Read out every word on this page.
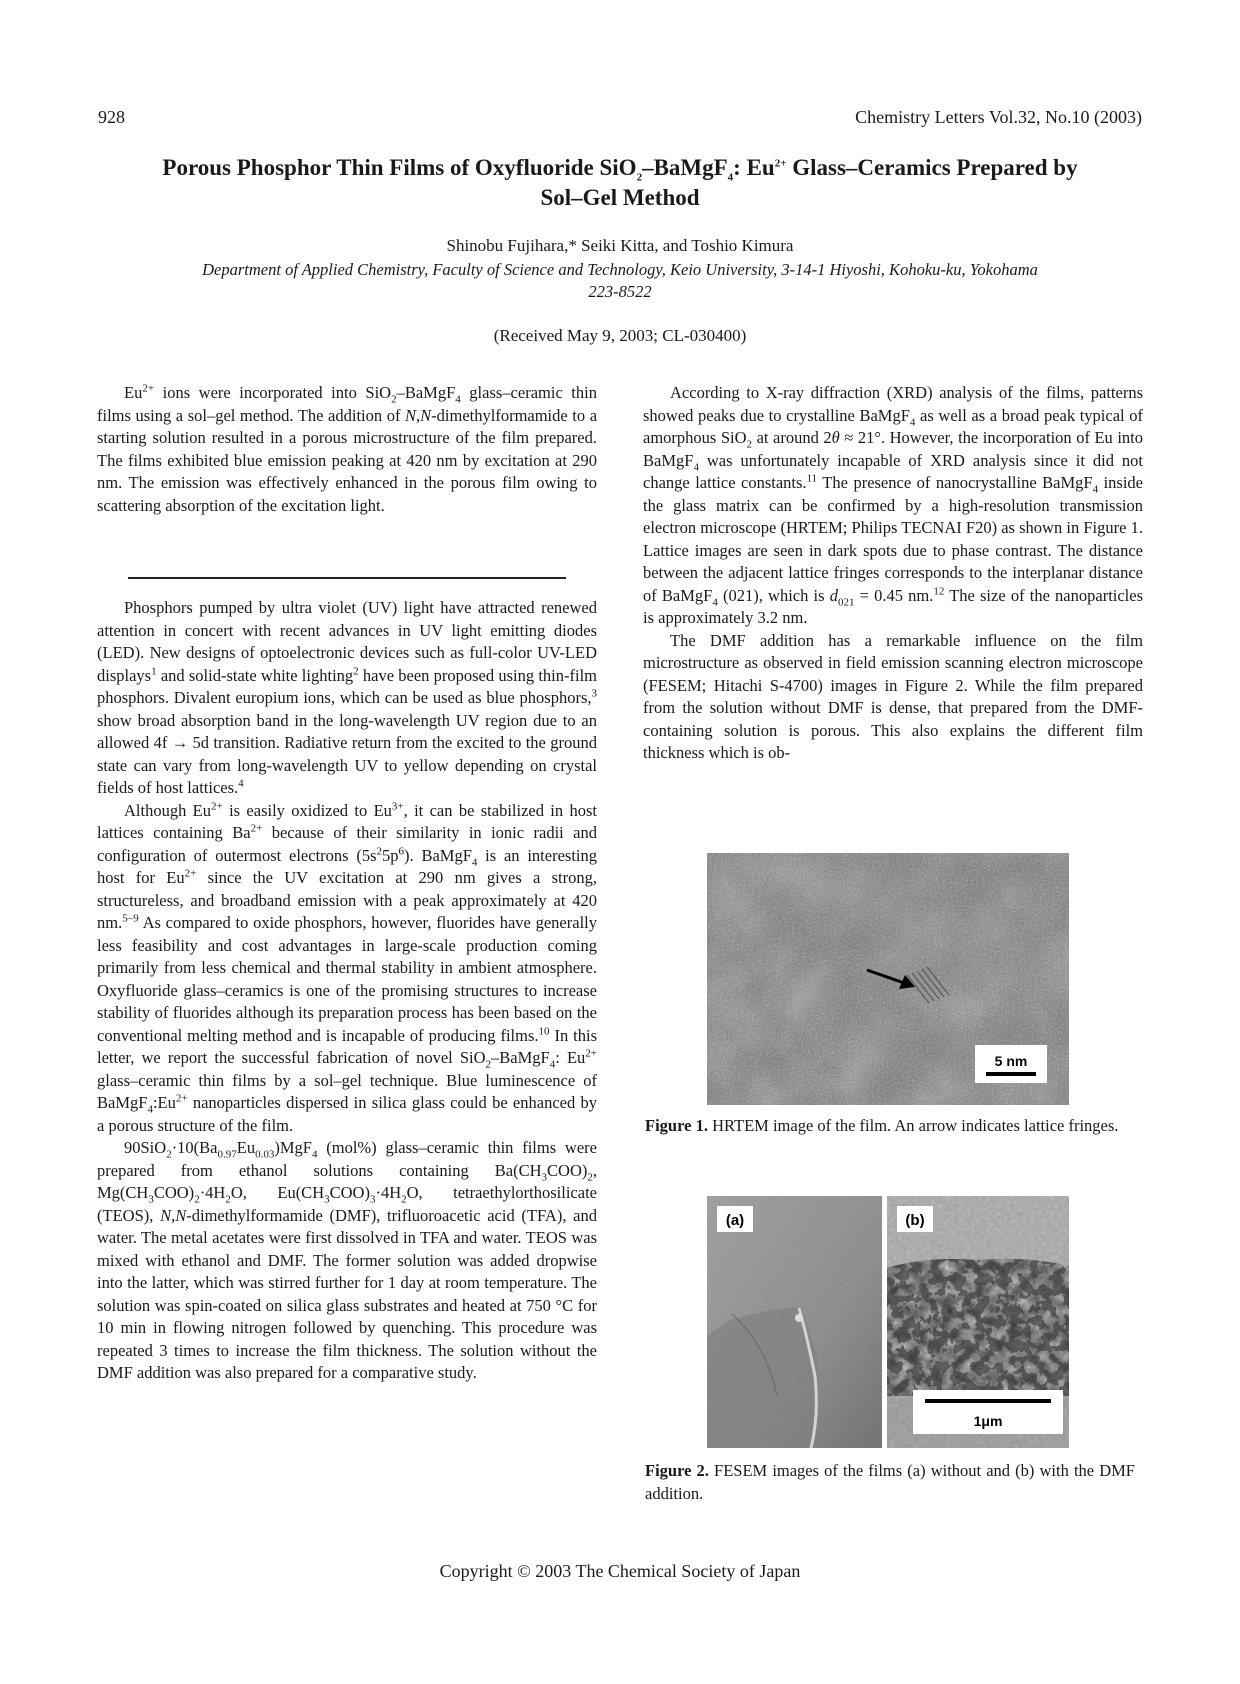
928	Chemistry Letters Vol.32, No.10 (2003)
Porous Phosphor Thin Films of Oxyfluoride SiO$_2$–BaMgF$_4$: $Eu^{2+}$ Glass–Ceramics Prepared by
Sol–Gel Method
Shinobu Fujihara,* Seiki Kitta, and Toshio Kimura
Department of Applied Chemistry, Faculty of Science and Technology, Keio University, 3-14-1 Hiyoshi, Kohoku-ku, Yokohama
223-8522
(Received May 9, 2003; CL-030400)

$Eu^{2+}$ ions were incorporated into SiO$_2$–BaMgF$_4$ glass–ceramic thin films using a sol–gel method. The addition of N,N-dimethylformamide to a starting solution resulted in a porous microstructure of the film prepared. The films exhibited blue emission peaking at 420 nm by excitation at 290 nm. The emission was effectively enhanced in the porous film owing to scattering absorption of the excitation light.

Phosphors pumped by ultra violet (UV) light have attracted renewed attention in concert with recent advances in UV light emitting diodes (LED). New designs of optoelectronic devices such as full-color UV-LED displays$^1$ and solid-state white lighting$^2$ have been proposed using thin-film phosphors. Divalent europium ions, which can be used as blue phosphors,$^3$ show broad absorption band in the long-wavelength UV region due to an allowed 4f → 5d transition. Radiative return from the excited to the ground state can vary from long-wavelength UV to yellow depending on crystal fields of host lattices.$^4$

Although $Eu^{2+}$ is easily oxidized to $Eu^{3+}$, it can be stabilized in host lattices containing $Ba^{2+}$ because of their similarity in ionic radii and configuration of outermost electrons $(5s^25p^6)$. BaMgF$_4$ is an interesting host for $Eu^{2+}$ since the UV excitation at 290 nm gives a strong, structureless, and broadband emission with a peak approximately at 420 nm.$^{5-9}$ As compared to oxide phosphors, however, fluorides have generally less feasibility and cost advantages in large-scale production coming primarily from less chemical and thermal stability in ambient atmosphere. Oxyfluoride glass–ceramics is one of the promising structures to increase stability of fluorides although its preparation process has been based on the conventional melting method and is incapable of producing films.$^{10}$ In this letter, we report the successful fabrication of novel SiO$_2$–BaMgF$_4$: $Eu^{2+}$ glass–ceramic thin films by a sol–gel technique. Blue luminescence of $BaMgF_4:Eu^{2+}$ nanoparticles dispersed in silica glass could be enhanced by a porous structure of the film.

$90SiO_2\cdot 10(Ba_{0.97}Eu_{0.03})MgF_4$ (mol%) glass–ceramic thin films were prepared from ethanol solutions containing $Ba(CH_3COO)_2$, $Mg(CH_3COO)_2\cdot 4H_2O$, $Eu(CH_3COO)_3\cdot 4H_2O$, tetraethylorthosilicate (TEOS), N,N-dimethylformamide (DMF), trifluoroacetic acid (TFA), and water. The metal acetates were first dissolved in TFA and water. TEOS was mixed with ethanol and DMF. The former solution was added dropwise into the latter, which was stirred further for 1 day at room temperature. The solution was spin-coated on silica glass substrates and heated at 750 °C for 10 min in flowing nitrogen followed by quenching. This procedure was repeated 3 times to increase the film thickness. The solution without the DMF addition was also prepared for a comparative study.

According to X-ray diffraction (XRD) analysis of the films, patterns showed peaks due to crystalline BaMgF$_4$ as well as a broad peak typical of amorphous SiO$_2$ at around 2θ ≈ 21°. However, the incorporation of Eu into BaMgF$_4$ was unfortunately incapable of XRD analysis since it did not change lattice constants.$^{11}$ The presence of nanocrystalline BaMgF$_4$ inside the glass matrix can be confirmed by a high-resolution transmission electron microscope (HRTEM; Philips TECNAI F20) as shown in Figure 1. Lattice images are seen in dark spots due to phase contrast. The distance between the adjacent lattice fringes corresponds to the interplanar distance of BaMgF$_4$ (021), which is $d_{021} = 0.45$ nm.$^{12}$ The size of the nanoparticles is approximately 3.2 nm.

The DMF addition has a remarkable influence on the film microstructure as observed in field emission scanning electron microscope (FESEM; Hitachi S-4700) images in Figure 2. While the film prepared from the solution without DMF is dense, that prepared from the DMF-containing solution is porous. This also explains the different film thickness which is ob-

5 nm
Figure 1. HRTEM image of the film. An arrow indicates lattice fringes.
(a)	(b)
1μm
Figure 2. FESEM images of the films (a) without and (b) with the DMF addition.
Copyright © 2003 The Chemical Society of Japan
